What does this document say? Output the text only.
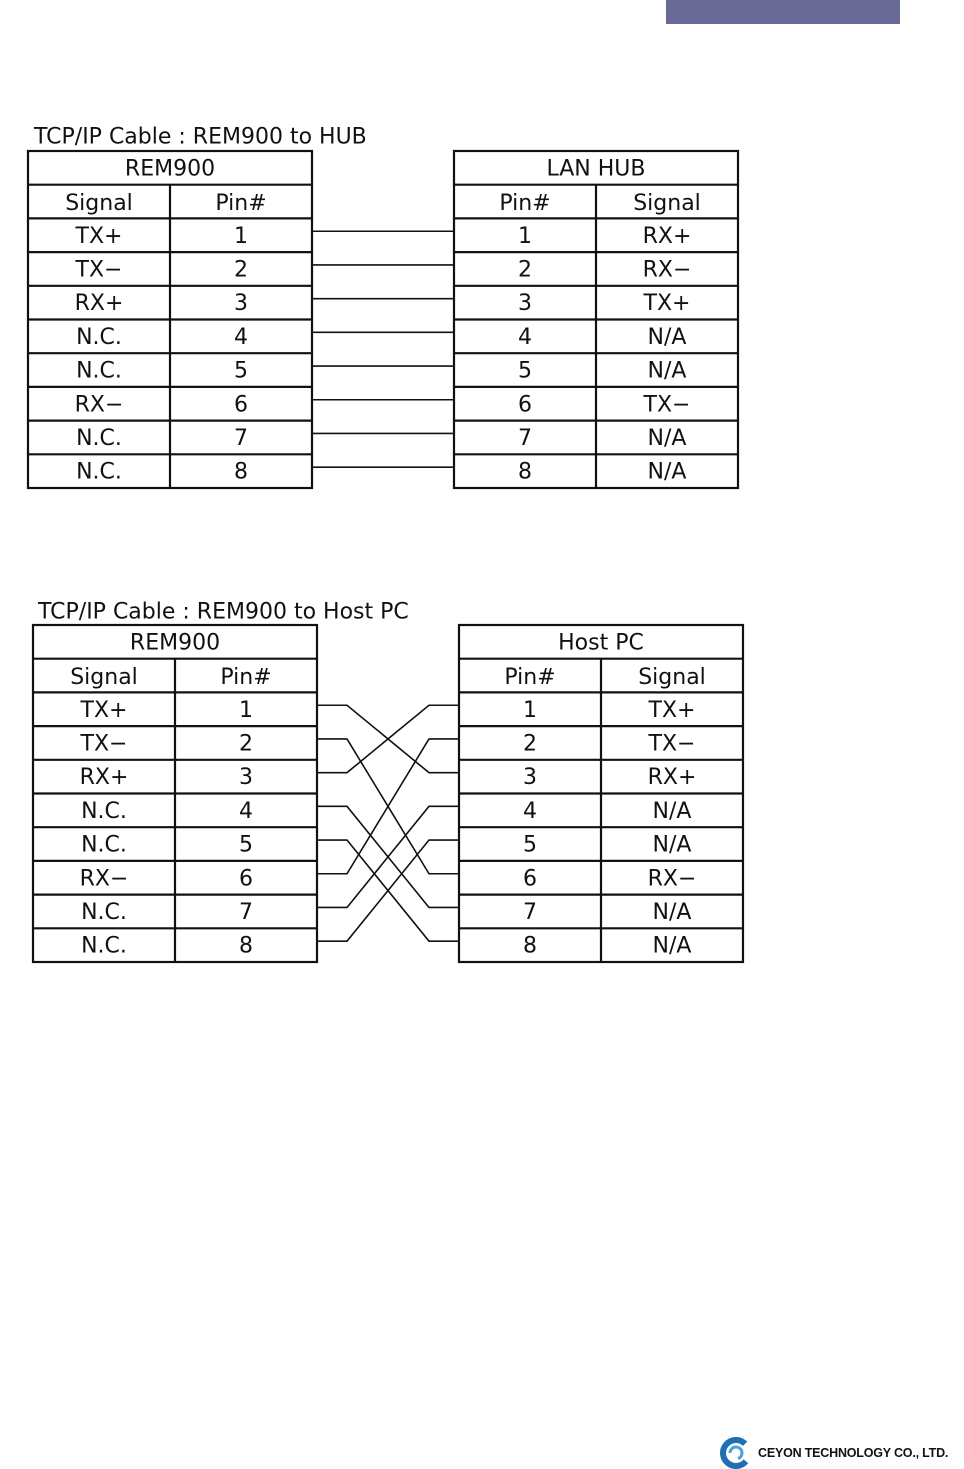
TCP/IP Cable : REM900 to HUB
REM900
Signal	Pin#
TX+	1
TX−	2
RX+	3
N.C.	4
N.C.	5
RX−	6
N.C.	7
N.C.	8
LAN HUB
Pin#	Signal
1	RX+
2	RX−
3	TX+
4	N/A
5	N/A
6	TX−
7	N/A
8	N/A
TCP/IP Cable : REM900 to Host PC
REM900
Signal	Pin#
TX+	1
TX−	2
RX+	3
N.C.	4
N.C.	5
RX−	6
N.C.	7
N.C.	8
Host PC
Pin#	Signal
1	TX+
2	TX−
3	RX+
4	N/A
5	N/A
6	RX−
7	N/A
8	N/A
CEYON TECHNOLOGY CO., LTD.
